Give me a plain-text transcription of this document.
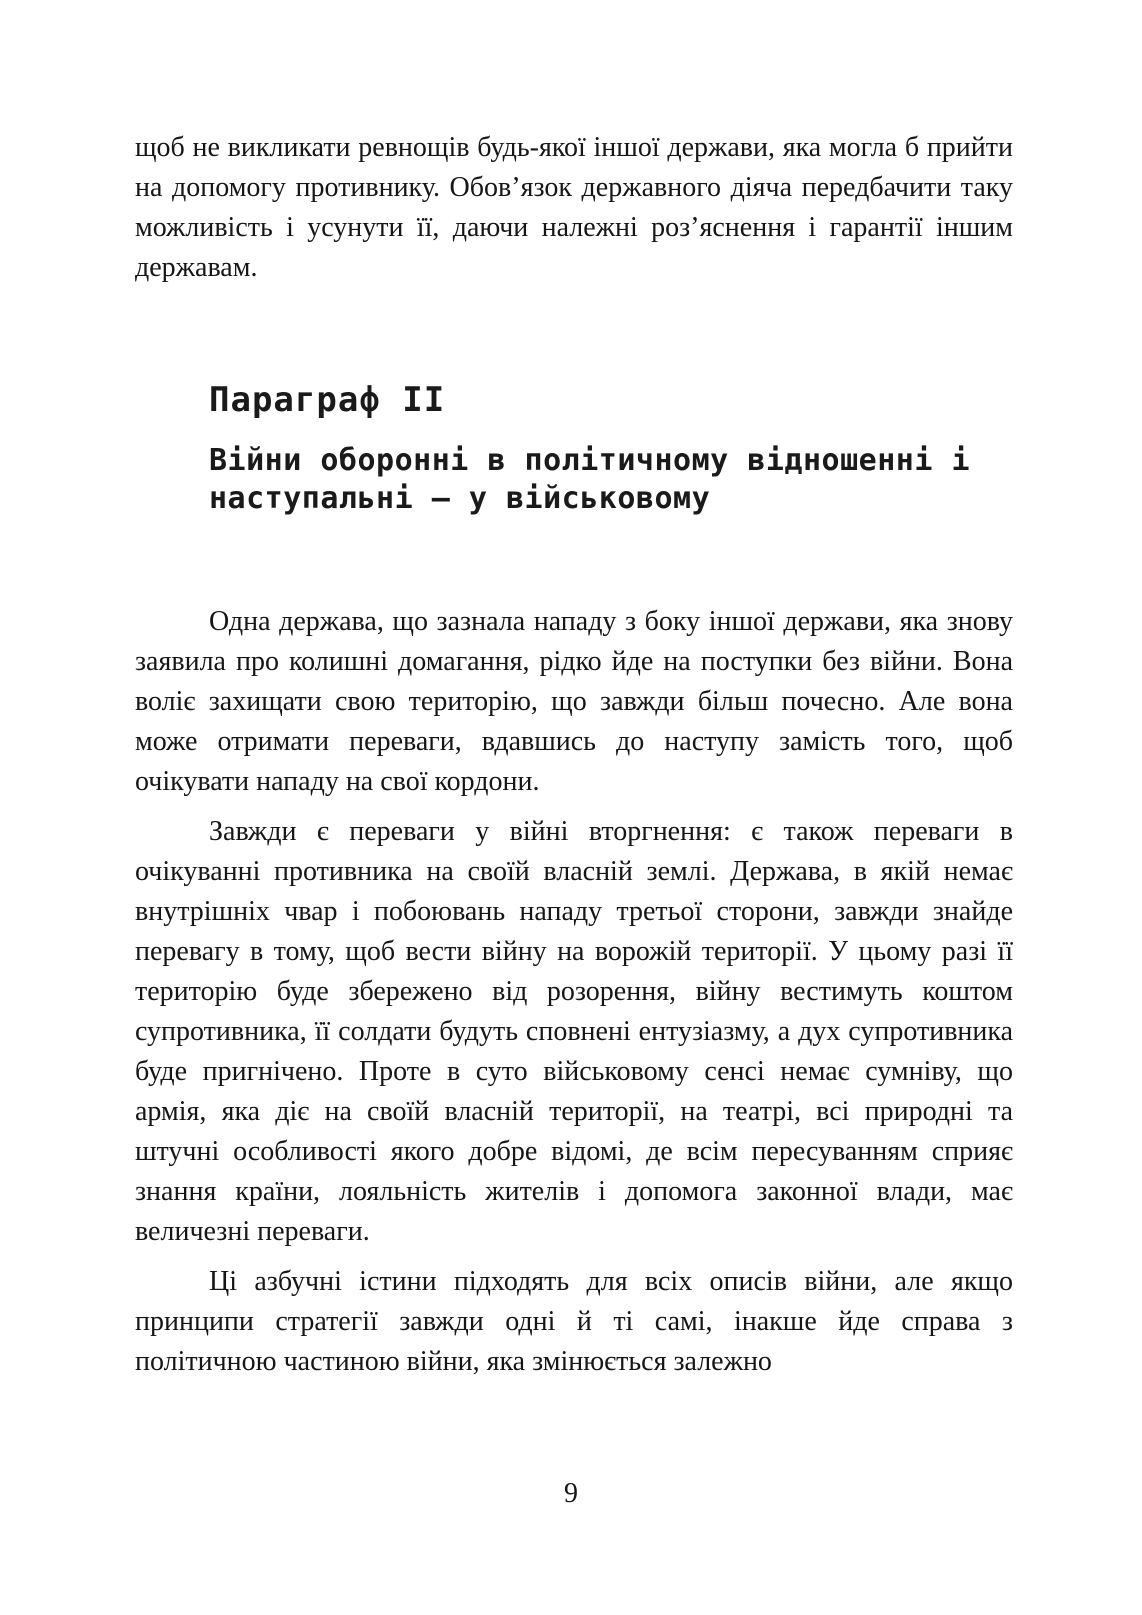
щоб не викликати ревнощів будь-якої іншої держави, яка могла б прийти на допомогу противнику. Обов’язок державного діяча передбачити таку можливість і усунути її, даючи належні роз’яснення і гарантії іншим державам.

Параграф II
Війни оборонні в політичному відношенні і наступальні – у військовому

Одна держава, що зазнала нападу з боку іншої держави, яка знову заявила про колишні домагання, рідко йде на поступки без війни. Вона воліє захищати свою територію, що завжди більш почесно. Але вона може отримати переваги, вдавшись до наступу замість того, щоб очікувати нападу на свої кордони.

Завжди є переваги у війні вторгнення: є також переваги в очікуванні противника на своїй власній землі. Держава, в якій немає внутрішніх чвар і побоювань нападу третьої сторони, завжди знайде перевагу в тому, щоб вести війну на ворожій території. У цьому разі її територію буде збережено від розорення, війну вестимуть коштом супротивника, її солдати будуть сповнені ентузіазму, а дух супротивника буде пригнічено. Проте в суто військовому сенсі немає сумніву, що армія, яка діє на своїй власній території, на театрі, всі природні та штучні особливості якого добре відомі, де всім пересуванням сприяє знання країни, лояльність жителів і допомога законної влади, має величезні переваги.

Ці азбучні істини підходять для всіх описів війни, але якщо принципи стратегії завжди одні й ті самі, інакше йде справа з політичною частиною війни, яка змінюється залежно

9
